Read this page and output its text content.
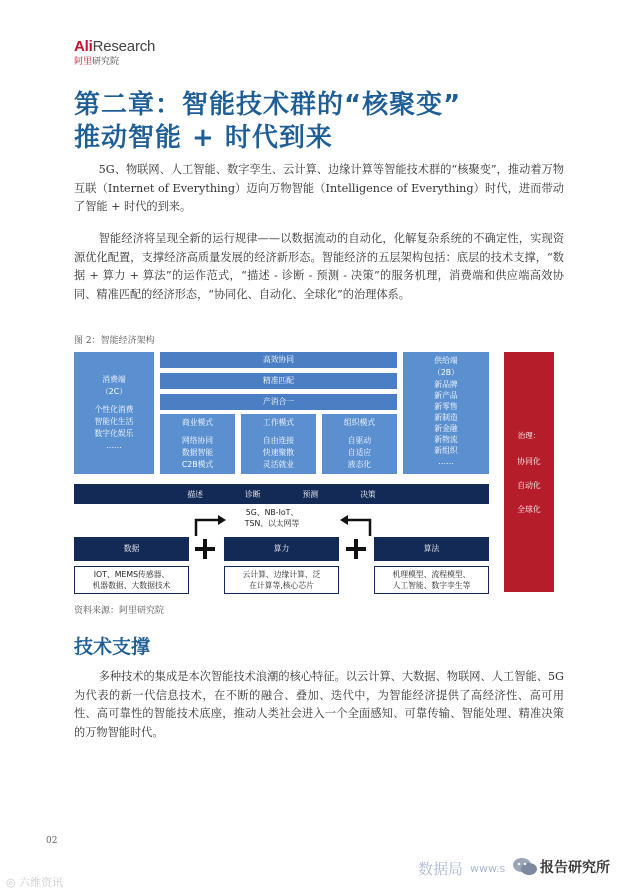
AliResearch
阿里研究院
第二章：智能技术群的“核聚变”
推动智能 + 时代到来

5G、物联网、人工智能、数字孪生、云计算、边缘计算等智能技术群的“核聚变”，推动着万物互联（Internet of Everything）迈向万物智能（Intelligence of Everything）时代，进而带动了智能 + 时代的到来。

智能经济将呈现全新的运行规律——以数据流动的自动化，化解复杂系统的不确定性，实现资源优化配置，支撑经济高质量发展的经济新形态。智能经济的五层架构包括：底层的技术支撑，“数据 + 算力 + 算法”的运作范式，“描述 - 诊断 - 预测 - 决策”的服务机理，消费端和供应端高效协同、精准匹配的经济形态，“协同化、自动化、全球化”的治理体系。

图 2：智能经济架构
消费端
（2C）
个性化消费
智能化生活
数字化娱乐
……
高效协同
精准匹配
产消合一
商业模式
网络协同
数据智能
C2B模式
工作模式
自由连接
快速聚散
灵活就业
组织模式
自驱动
自适应
液态化
供给端
（2B）
新品牌
新产品
新零售
新制造
新金融
新物流
新组织
……
治理：
协同化
自动化
全球化
描述	诊断	预测	决策
5G、NB-IoT、
TSN、以太网等
数据	算力	算法
IOT、MEMS传感器、
机器数据、大数据技术
云计算、边缘计算、泛
在计算等,核心芯片
机理模型、流程模型、
人工智能、数字孪生等
资料来源：阿里研究院
技术支撑

多种技术的集成是本次智能技术浪潮的核心特征。以云计算、大数据、物联网、人工智能、5G 为代表的新一代信息技术，在不断的融合、叠加、迭代中，为智能经济提供了高经济性、高可用性、高可靠性的智能技术底座，推动人类社会进入一个全面感知、可靠传输、智能处理、精准决策的万物智能时代。

02
◎ 六维资讯
数据局 www.s 报告研究所
